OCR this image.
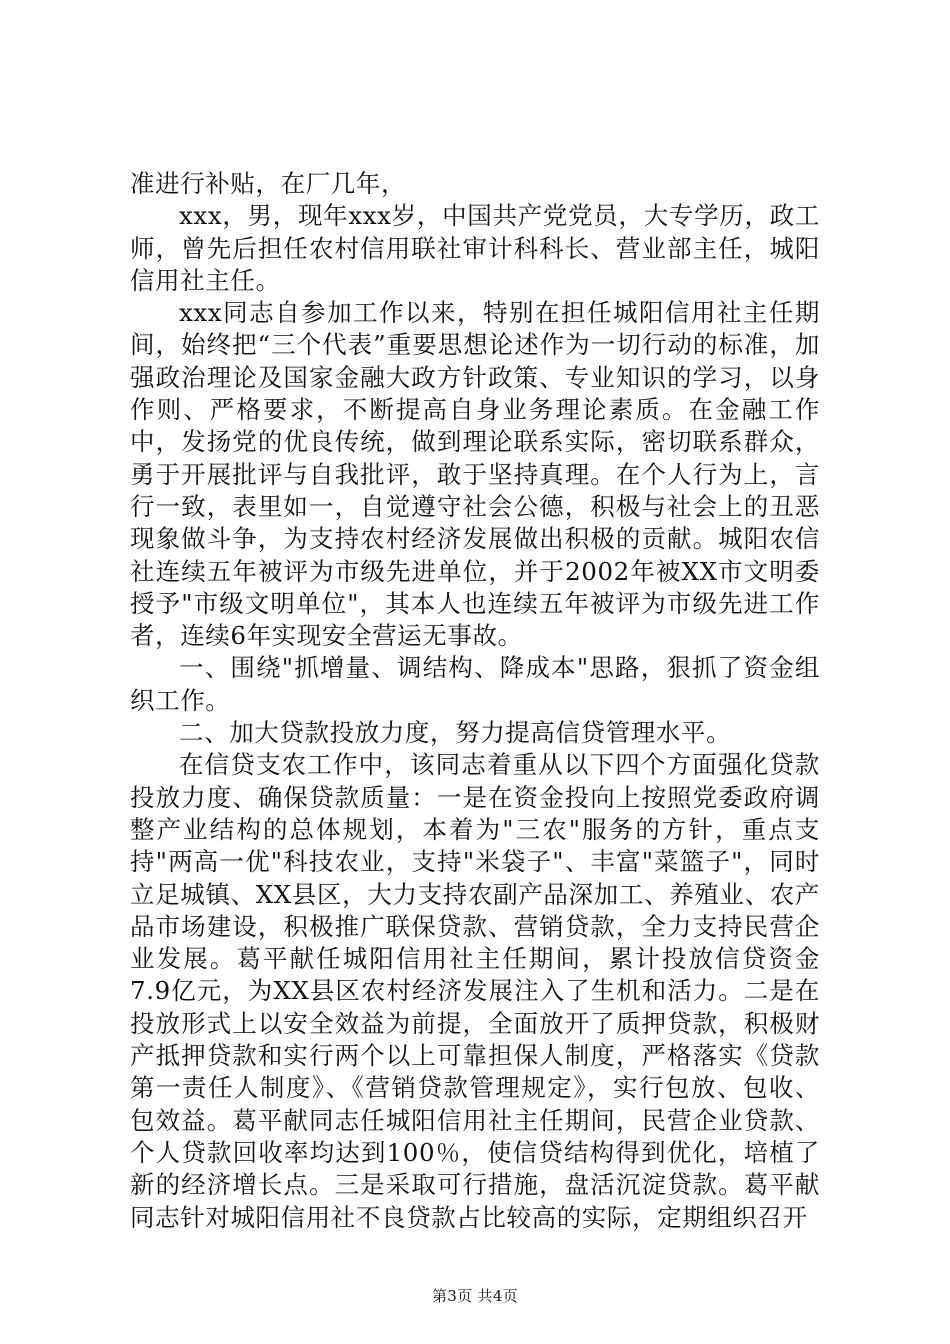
准进行补贴，在厂几年，

xxx，男，现年xxx岁，中国共产党党员，大专学历，政工师，曾先后担任农村信用联社审计科科长、营业部主任，城阳信用社主任。

xxx同志自参加工作以来，特别在担任城阳信用社主任期间，始终把“三个代表”重要思想论述作为一切行动的标准，加强政治理论及国家金融大政方针政策、专业知识的学习，以身作则、严格要求，不断提高自身业务理论素质。在金融工作中，发扬党的优良传统，做到理论联系实际，密切联系群众，勇于开展批评与自我批评，敢于坚持真理。在个人行为上，言行一致，表里如一，自觉遵守社会公德，积极与社会上的丑恶现象做斗争，为支持农村经济发展做出积极的贡献。城阳农信社连续五年被评为市级先进单位，并于2002年被XX市文明委授予"市级文明单位"，其本人也连续五年被评为市级先进工作者，连续6年实现安全营运无事故。

一、围绕"抓增量、调结构、降成本"思路，狠抓了资金组织工作。

二、加大贷款投放力度，努力提高信贷管理水平。

在信贷支农工作中，该同志着重从以下四个方面强化贷款投放力度、确保贷款质量：一是在资金投向上按照党委政府调整产业结构的总体规划，本着为"三农"服务的方针，重点支持"两高一优"科技农业，支持"米袋子"、丰富"菜篮子"，同时立足城镇、XX县区，大力支持农副产品深加工、养殖业、农产品市场建设，积极推广联保贷款、营销贷款，全力支持民营企业发展。葛平献任城阳信用社主任期间，累计投放信贷资金7.9亿元，为XX县区农村经济发展注入了生机和活力。二是在投放形式上以安全效益为前提，全面放开了质押贷款，积极财产抵押贷款和实行两个以上可靠担保人制度，严格落实《贷款第一责任人制度》、《营销贷款管理规定》，实行包放、包收、包效益。葛平献同志任城阳信用社主任期间，民营企业贷款、个人贷款回收率均达到100％，使信贷结构得到优化，培植了新的经济增长点。三是采取可行措施，盘活沉淀贷款。葛平献同志针对城阳信用社不良贷款占比较高的实际，定期组织召开

第3页 共4页
